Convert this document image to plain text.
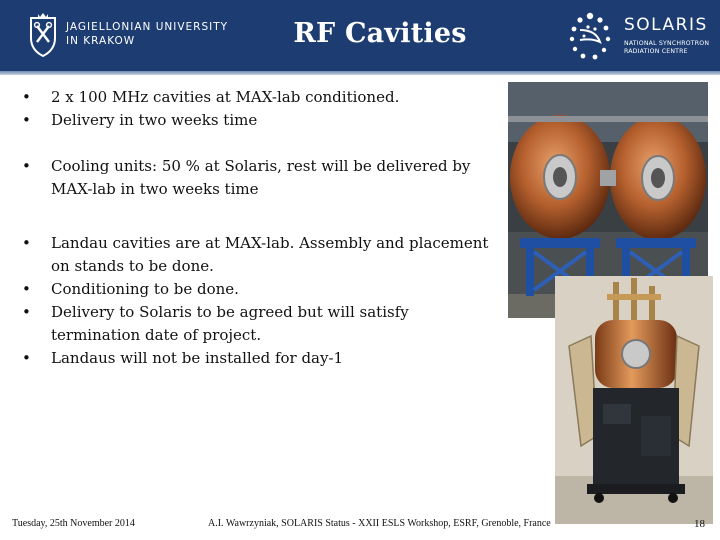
JAGIELLONIAN UNIVERSITY
IN KRAKOW	RF Cavities	SOLARIS
NATIONAL SYNCHROTRON
RADIATION CENTRE
•	2 x 100 MHz cavities at MAX-lab conditioned.
•	Delivery in two weeks time
•	Cooling units: 50 % at Solaris, rest will be delivered by MAX-lab in two weeks time
•	Landau cavities are at MAX-lab. Assembly and placement on stands to be done.
•	Conditioning to be done.
•	Delivery to Solaris to be agreed but will satisfy termination date of project.
•	Landaus will not be installed for day-1
Tuesday, 25th November 2014	A.I. Wawrzyniak, SOLARIS Status - XXII ESLS Workshop, ESRF, Grenoble, France	18
